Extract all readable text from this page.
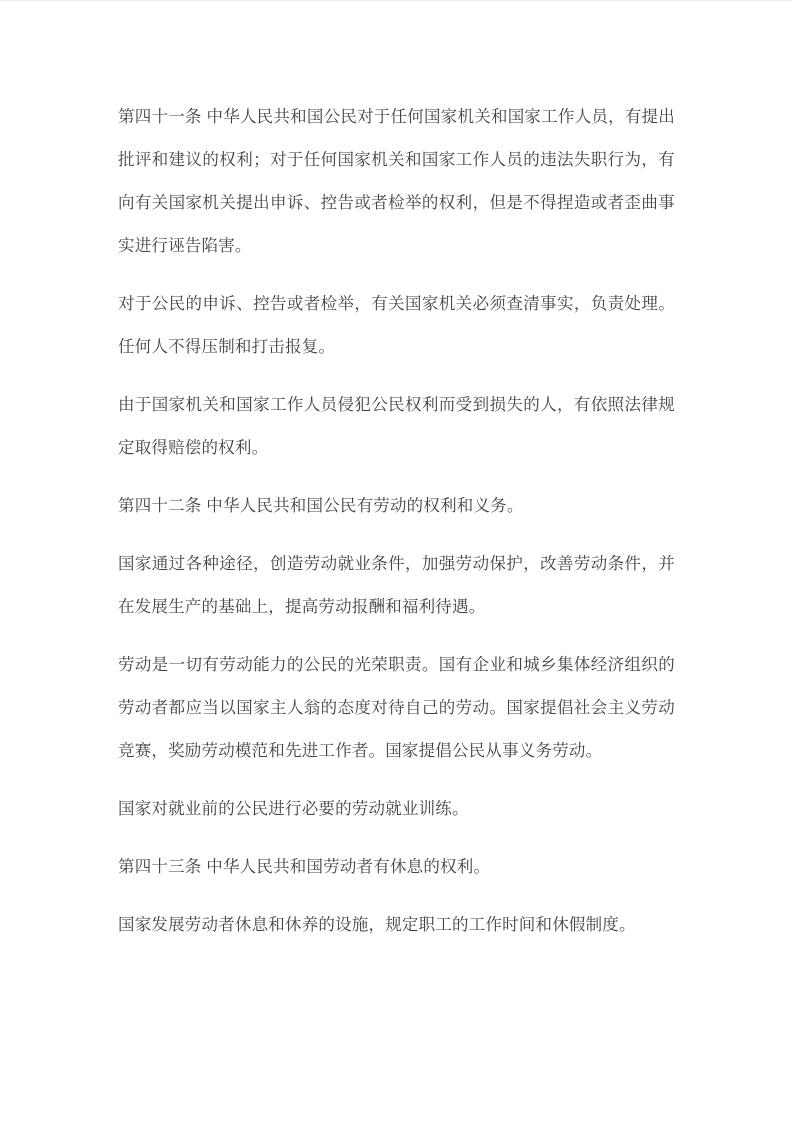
第四十一条 中华人民共和国公民对于任何国家机关和国家工作人员，有提出批评和建议的权利；对于任何国家机关和国家工作人员的违法失职行为，有向有关国家机关提出申诉、控告或者检举的权利，但是不得捏造或者歪曲事实进行诬告陷害。

对于公民的申诉、控告或者检举，有关国家机关必须查清事实，负责处理。任何人不得压制和打击报复。

由于国家机关和国家工作人员侵犯公民权利而受到损失的人，有依照法律规定取得赔偿的权利。

第四十二条 中华人民共和国公民有劳动的权利和义务。

国家通过各种途径，创造劳动就业条件，加强劳动保护，改善劳动条件，并在发展生产的基础上，提高劳动报酬和福利待遇。

劳动是一切有劳动能力的公民的光荣职责。国有企业和城乡集体经济组织的劳动者都应当以国家主人翁的态度对待自己的劳动。国家提倡社会主义劳动竞赛，奖励劳动模范和先进工作者。国家提倡公民从事义务劳动。

国家对就业前的公民进行必要的劳动就业训练。

第四十三条 中华人民共和国劳动者有休息的权利。

国家发展劳动者休息和休养的设施，规定职工的工作时间和休假制度。
